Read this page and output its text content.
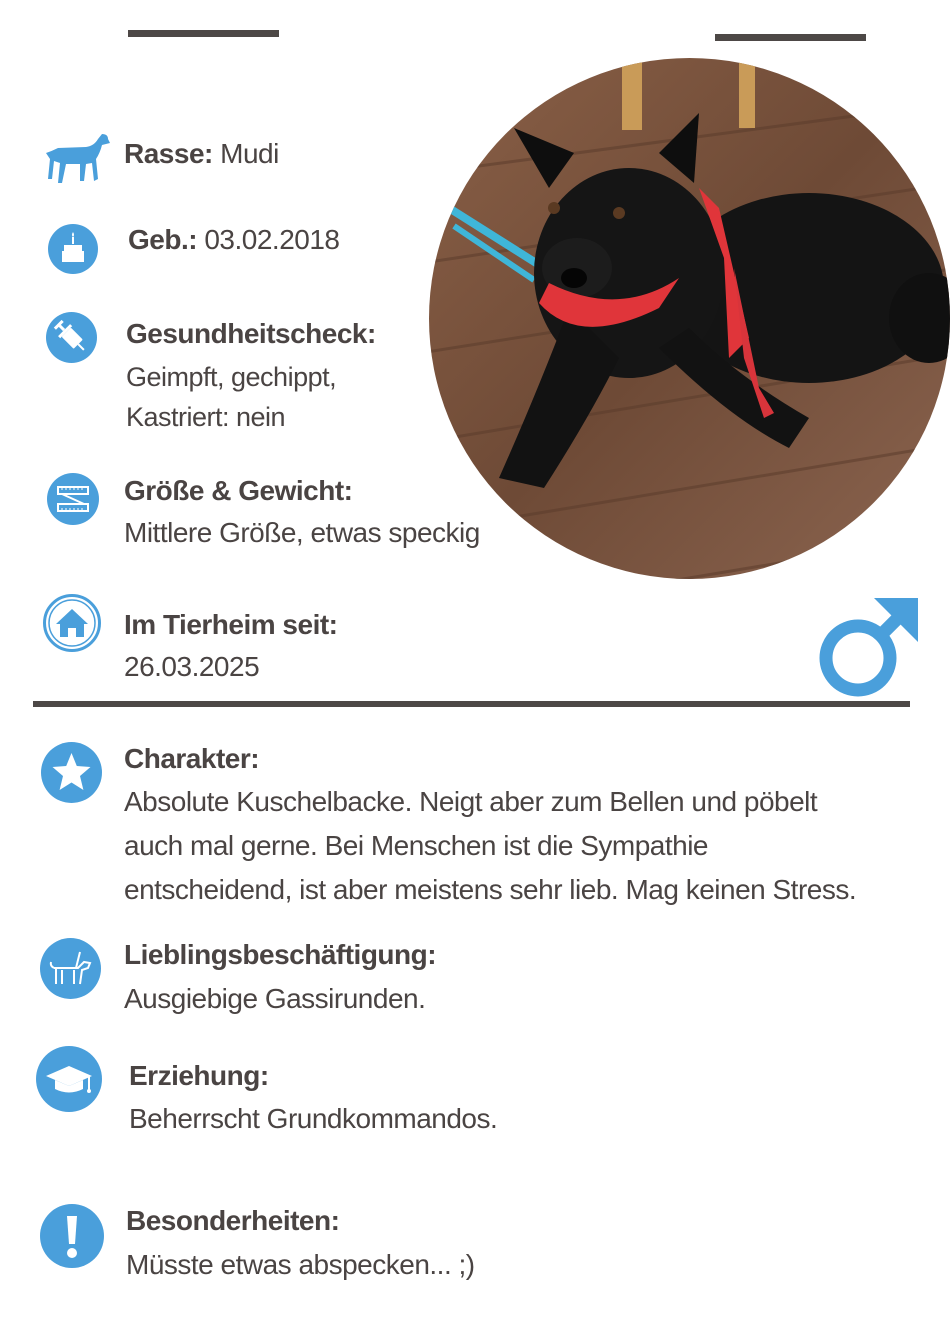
Rasse: Mudi
Geb.: 03.02.2018
Gesundheitscheck:
Geimpft, gechippt,
Kastriert: nein
Größe & Gewicht:
Mittlere Größe, etwas speckig
Im Tierheim seit:
26.03.2025
Charakter:
Absolute Kuschelbacke. Neigt aber zum Bellen und pöbelt
auch mal gerne. Bei Menschen ist die Sympathie
entscheidend, ist aber meistens sehr lieb. Mag keinen Stress.
Lieblingsbeschäftigung:
Ausgiebige Gassirunden.
Erziehung:
Beherrscht Grundkommandos.
Besonderheiten:
Müsste etwas abspecken... ;)
